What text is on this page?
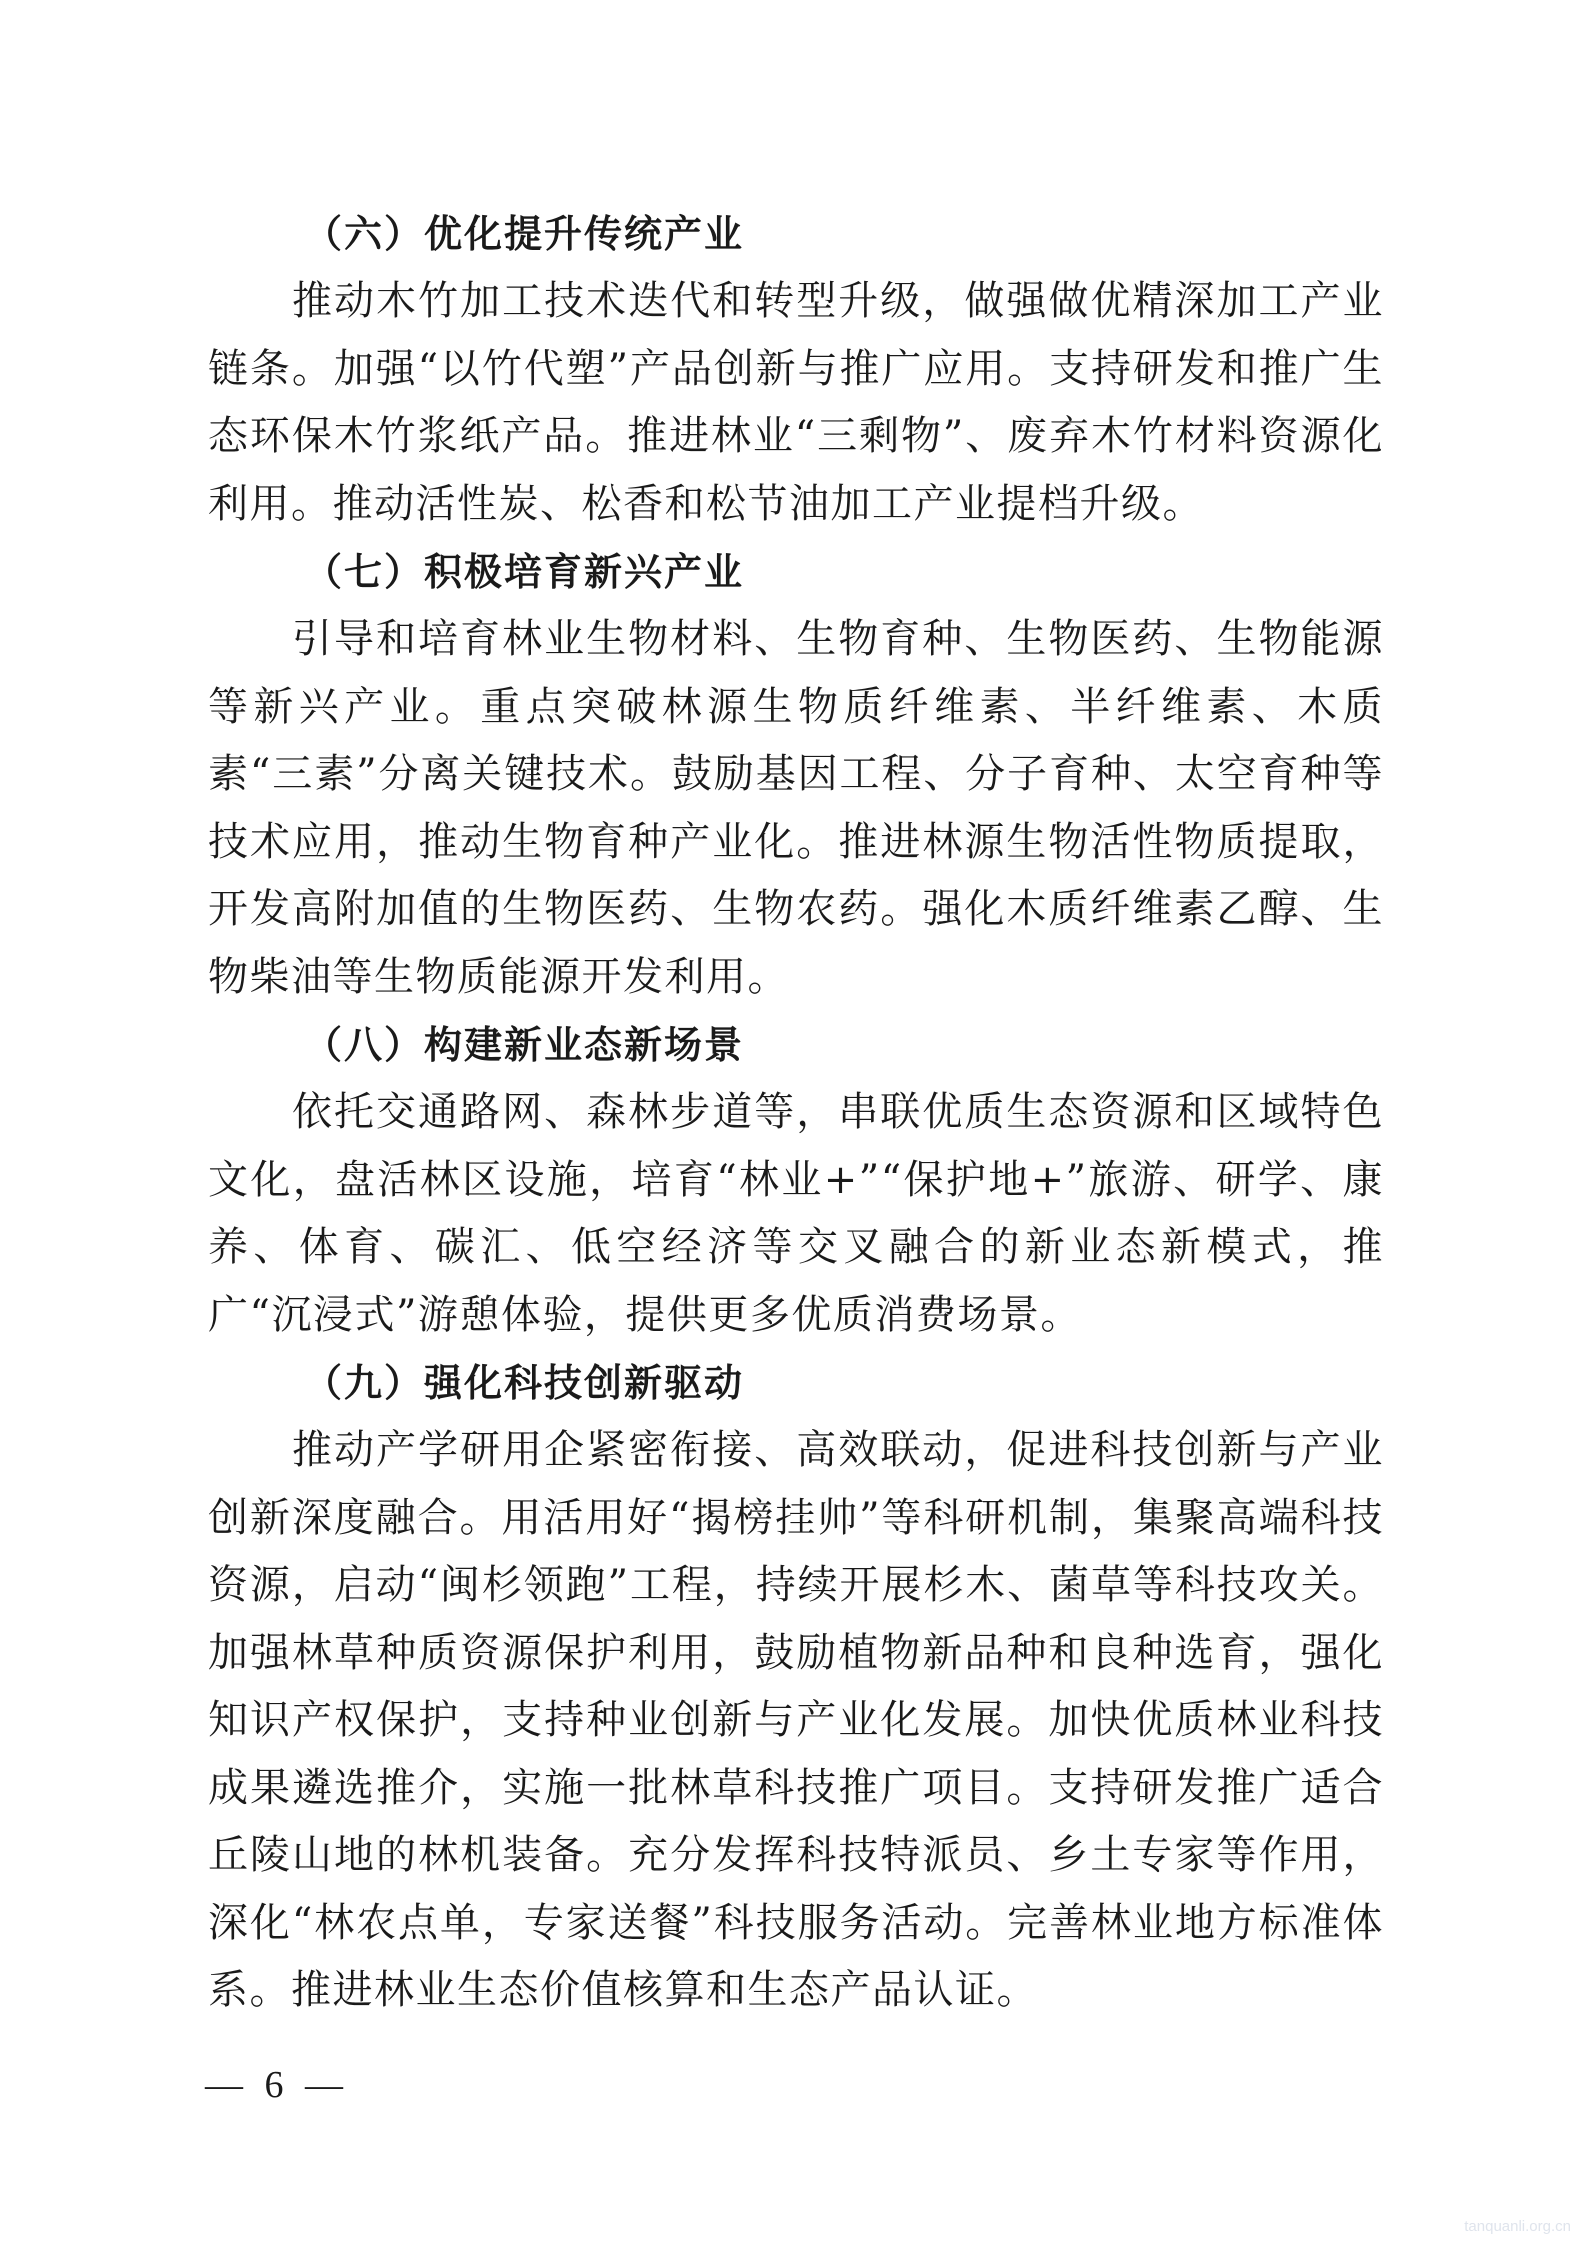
（六）优化提升传统产业

推动木竹加工技术迭代和转型升级，做强做优精深加工产业链条。加强“以竹代塑”产品创新与推广应用。支持研发和推广生态环保木竹浆纸产品。推进林业“三剩物”、废弃木竹材料资源化利用。推动活性炭、松香和松节油加工产业提档升级。

（七）积极培育新兴产业

引导和培育林业生物材料、生物育种、生物医药、生物能源等新兴产业。重点突破林源生物质纤维素、半纤维素、木质素“三素”分离关键技术。鼓励基因工程、分子育种、太空育种等技术应用，推动生物育种产业化。推进林源生物活性物质提取，开发高附加值的生物医药、生物农药。强化木质纤维素乙醇、生物柴油等生物质能源开发利用。

（八）构建新业态新场景

依托交通路网、森林步道等，串联优质生态资源和区域特色文化，盘活林区设施，培育“林业+”“保护地+”旅游、研学、康养、体育、碳汇、低空经济等交叉融合的新业态新模式，推广“沉浸式”游憩体验，提供更多优质消费场景。

（九）强化科技创新驱动

推动产学研用企紧密衔接、高效联动，促进科技创新与产业创新深度融合。用活用好“揭榜挂帅”等科研机制，集聚高端科技资源，启动“闽杉领跑”工程，持续开展杉木、菌草等科技攻关。加强林草种质资源保护利用，鼓励植物新品种和良种选育，强化知识产权保护，支持种业创新与产业化发展。加快优质林业科技成果遴选推介，实施一批林草科技推广项目。支持研发推广适合丘陵山地的林机装备。充分发挥科技特派员、乡土专家等作用，深化“林农点单，专家送餐”科技服务活动。完善林业地方标准体系。推进林业生态价值核算和生态产品认证。

— 6 —
tanquanli.org.cn
